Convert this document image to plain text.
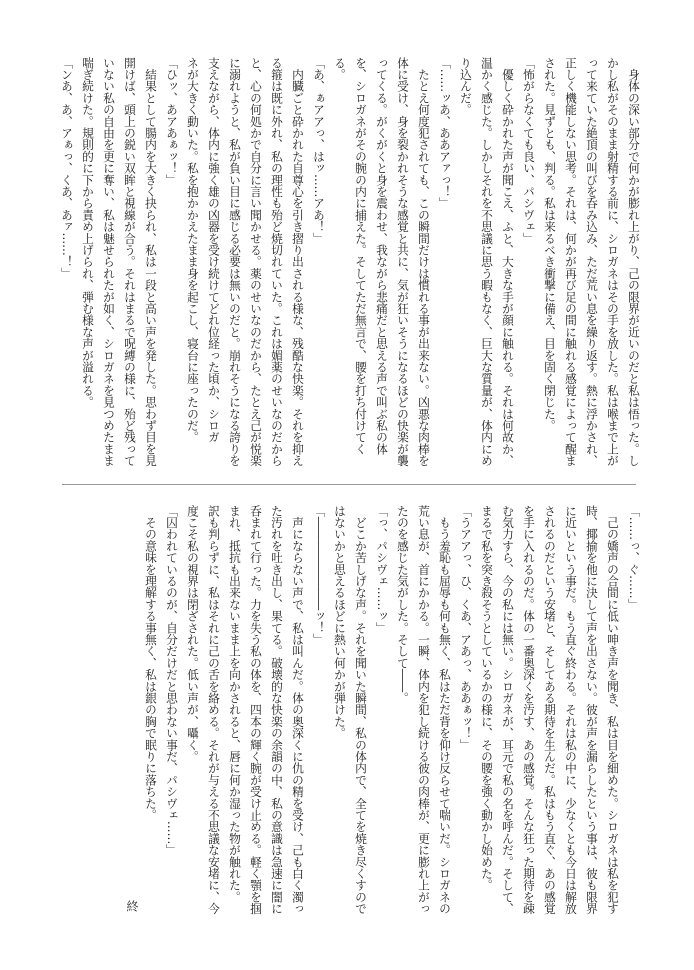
　身体の深い部分で何かが膨れ上がり、己の限界が近いのだと私は悟った。し
かし私がそのまま射精する前に、シロガネはその手を放した。私は喉まで上が
って来ていた絶頂の叫びを呑み込み、ただ荒い息を繰り返す。熱に浮かされ、
正しく機能しない思考。それは、何かが再び足の間に触れる感覚によって醒ま
された。見ずとも、判る。私は来るべき衝撃に備え、目を固く閉じた。
「怖がらなくても良い、パシヴェ」
　優しく砕かれた声が聞こえ、ふと、大きな手が顔に触れる。それは何故か、
温かく感じた。しかしそれを不思議に思う暇もなく、巨大な質量が、体内にめ
り込んだ。
「……ッあ、ああアァっ！」
　たとえ何度犯されても、この瞬間だけは慣れる事が出来ない。凶悪な肉棒を
体に受け、身を裂かれそうな感覚と共に、気が狂いそうになるほどの快楽が襲
ってくる。がくがくと身を震わせ、我ながら悲痛だと思える声で叫ぶ私の体
を、シロガネがその腕の内に捕えた。そしてただ無言で、腰を打ち付けてく
る。
「あ、ぁアアっ、はッ……アあ！」
　内臓ごと砕かれた自尊心を引き摺り出される様な、残酷な快楽。それを抑え
る箍は既に外れ、私の理性も殆ど焼切れていた。これは媚薬のせいなのだから
と、心の何処かで自分に言い聞かせる。薬のせいなのだから、たとえ己が悦楽
に溺れようと、私が負い目に感じる必要は無いのだと。崩れそうになる誇りを
支えながら、体内に強く雄の凶器を受け続けてどれ位経った頃か、シロガ
ネが大きく動いた。私を抱かかえたまま身を起こし、寝台に座ったのだ。
「ひッ、あアあぁッ！」
　結果として腸内を大きく抉られ、私は一段と高い声を発した。思わず目を見
開けば、頭上の鋭い双眸と視線が合う。それはまるで呪縛の様に、殆ど残って
いない私の自由を更に奪い、私は魅せられたが如く、シロガネを見つめたまま
喘ぎ続けた。規則的に下から責め上げられ、弾む様な声が溢れる。
「ンあ、あ、アぁっ、くあ、あァ……！」
「……っ、ぐ……」
　己の嬌声の合間に低い呻き声を聞き、私は目を細めた。シロガネは私を犯す
時、揶揄を他に決して声を出さない。彼が声を漏らしたという事は、彼も限界
に近いという事だ。もう直ぐ終わる。それは私の中に、少なくとも今日は解放
されるのだという安堵と、そしてある期待を生んだ。私はもう直ぐ、あの感覚
を手に入れるのだ。体の一番奥深くを汚す、あの感覚。そんな狂った期待を疎
む気力すら、今の私には無い。シロガネが、耳元で私の名を呼んだ。そして、
まるで私を突き殺そうとしているかの様に、その腰を強く動かし始めた。
「うアアっ、ひ、くあ、アあっ、ああぁッ！」
　もう羞恥も屈辱も何も無く、私はただ背を仰け反らせて喘いだ。シロガネの
荒い息が、首にかかる。一瞬、体内を犯し続ける彼の肉棒が、更に膨れ上がっ
たのを感じた気がした。そして――。
「っ、パシヴェ……ッ」
　どこか苦しげな声。それを聞いた瞬間、私の体内で、全てを焼き尽くすので
はないかと思えるほどに熱い何かが弾けた。
「――――――――ッ！」
　声にならない声で、私は叫んだ。体の奥深くに仇の精を受け、己も白く濁っ
た汚れを吐き出し、果てる。破壊的な快楽の余韻の中、私の意識は急速に闇に
呑まれて行った。力を失う私の体を、四本の輝く腕が受け止める。軽く顎を掴
まれ、抵抗も出来ないまま上を向かされると、唇に何か湿った物が触れた。
訳も判らずに、私はそれに己の舌を絡める。それが与える不思議な安堵に、今
度こそ私の視界は閉ざされた。低い声が、囁く。
「囚われているのが、自分だけだと思わない事だ、パシヴェ……」
　その意味を理解する事無く、私は銀の胸で眠りに落ちた。
終
